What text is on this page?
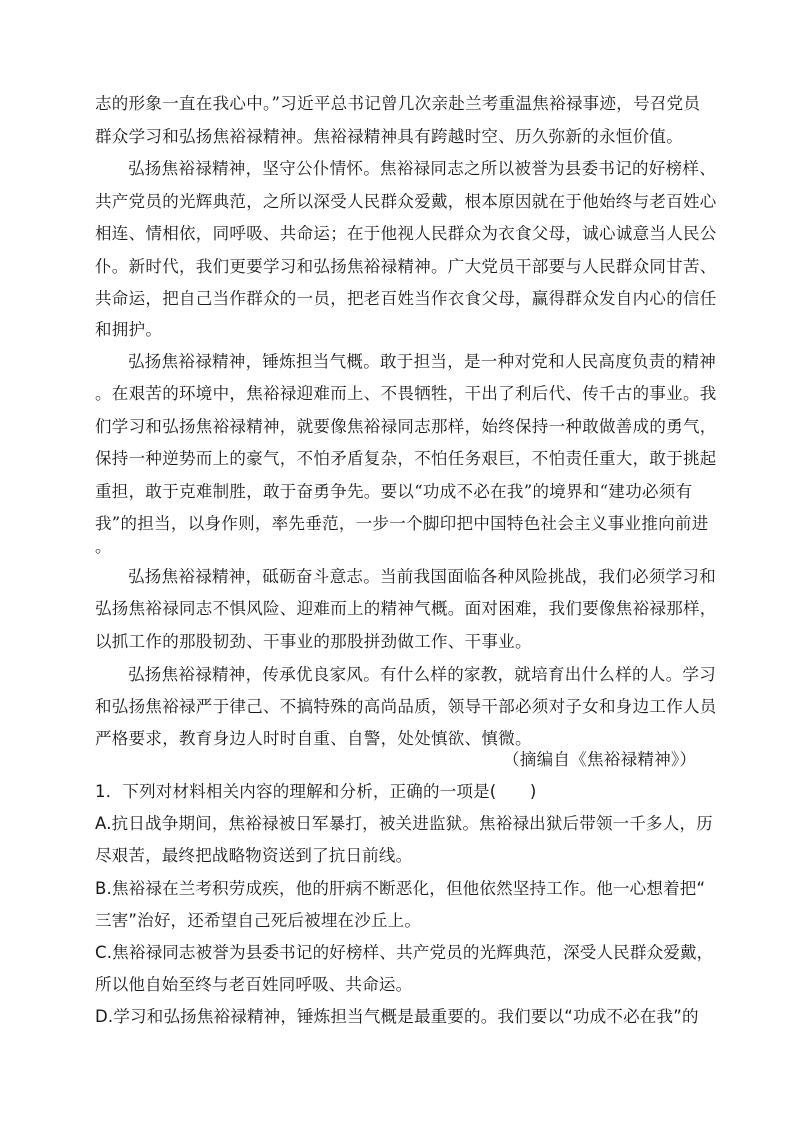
志的形象一直在我心中。”习近平总书记曾几次亲赴兰考重温焦裕禄事迹，号召党员
群众学习和弘扬焦裕禄精神。焦裕禄精神具有跨越时空、历久弥新的永恒价值。
弘扬焦裕禄精神，坚守公仆情怀。焦裕禄同志之所以被誉为县委书记的好榜样、
共产党员的光辉典范，之所以深受人民群众爱戴，根本原因就在于他始终与老百姓心
相连、情相依，同呼吸、共命运；在于他视人民群众为衣食父母，诚心诚意当人民公
仆。新时代，我们更要学习和弘扬焦裕禄精神。广大党员干部要与人民群众同甘苦、
共命运，把自己当作群众的一员，把老百姓当作衣食父母，赢得群众发自内心的信任
和拥护。
弘扬焦裕禄精神，锤炼担当气概。敢于担当，是一种对党和人民高度负责的精神
。在艰苦的环境中，焦裕禄迎难而上、不畏牺牲，干出了利后代、传千古的事业。我
们学习和弘扬焦裕禄精神，就要像焦裕禄同志那样，始终保持一种敢做善成的勇气，
保持一种逆势而上的豪气，不怕矛盾复杂，不怕任务艰巨，不怕责任重大，敢于挑起
重担，敢于克难制胜，敢于奋勇争先。要以“功成不必在我”的境界和“建功必须有
我”的担当，以身作则，率先垂范，一步一个脚印把中国特色社会主义事业推向前进
。
弘扬焦裕禄精神，砥砺奋斗意志。当前我国面临各种风险挑战，我们必须学习和
弘扬焦裕禄同志不惧风险、迎难而上的精神气概。面对困难，我们要像焦裕禄那样，
以抓工作的那股韧劲、干事业的那股拼劲做工作、干事业。
弘扬焦裕禄精神，传承优良家风。有什么样的家教，就培育出什么样的人。学习
和弘扬焦裕禄严于律己、不搞特殊的高尚品质，领导干部必须对子女和身边工作人员
严格要求，教育身边人时时自重、自警，处处慎欲、慎微。
（摘编自《焦裕禄精神》）
1．下列对材料相关内容的理解和分析，正确的一项是(　　)
A.抗日战争期间，焦裕禄被日军暴打，被关进监狱。焦裕禄出狱后带领一千多人，历
尽艰苦，最终把战略物资送到了抗日前线。
B.焦裕禄在兰考积劳成疾，他的肝病不断恶化，但他依然坚持工作。他一心想着把“
三害”治好，还希望自己死后被埋在沙丘上。
C.焦裕禄同志被誉为县委书记的好榜样、共产党员的光辉典范，深受人民群众爱戴，
所以他自始至终与老百姓同呼吸、共命运。
D.学习和弘扬焦裕禄精神，锤炼担当气概是最重要的。我们要以“功成不必在我”的
